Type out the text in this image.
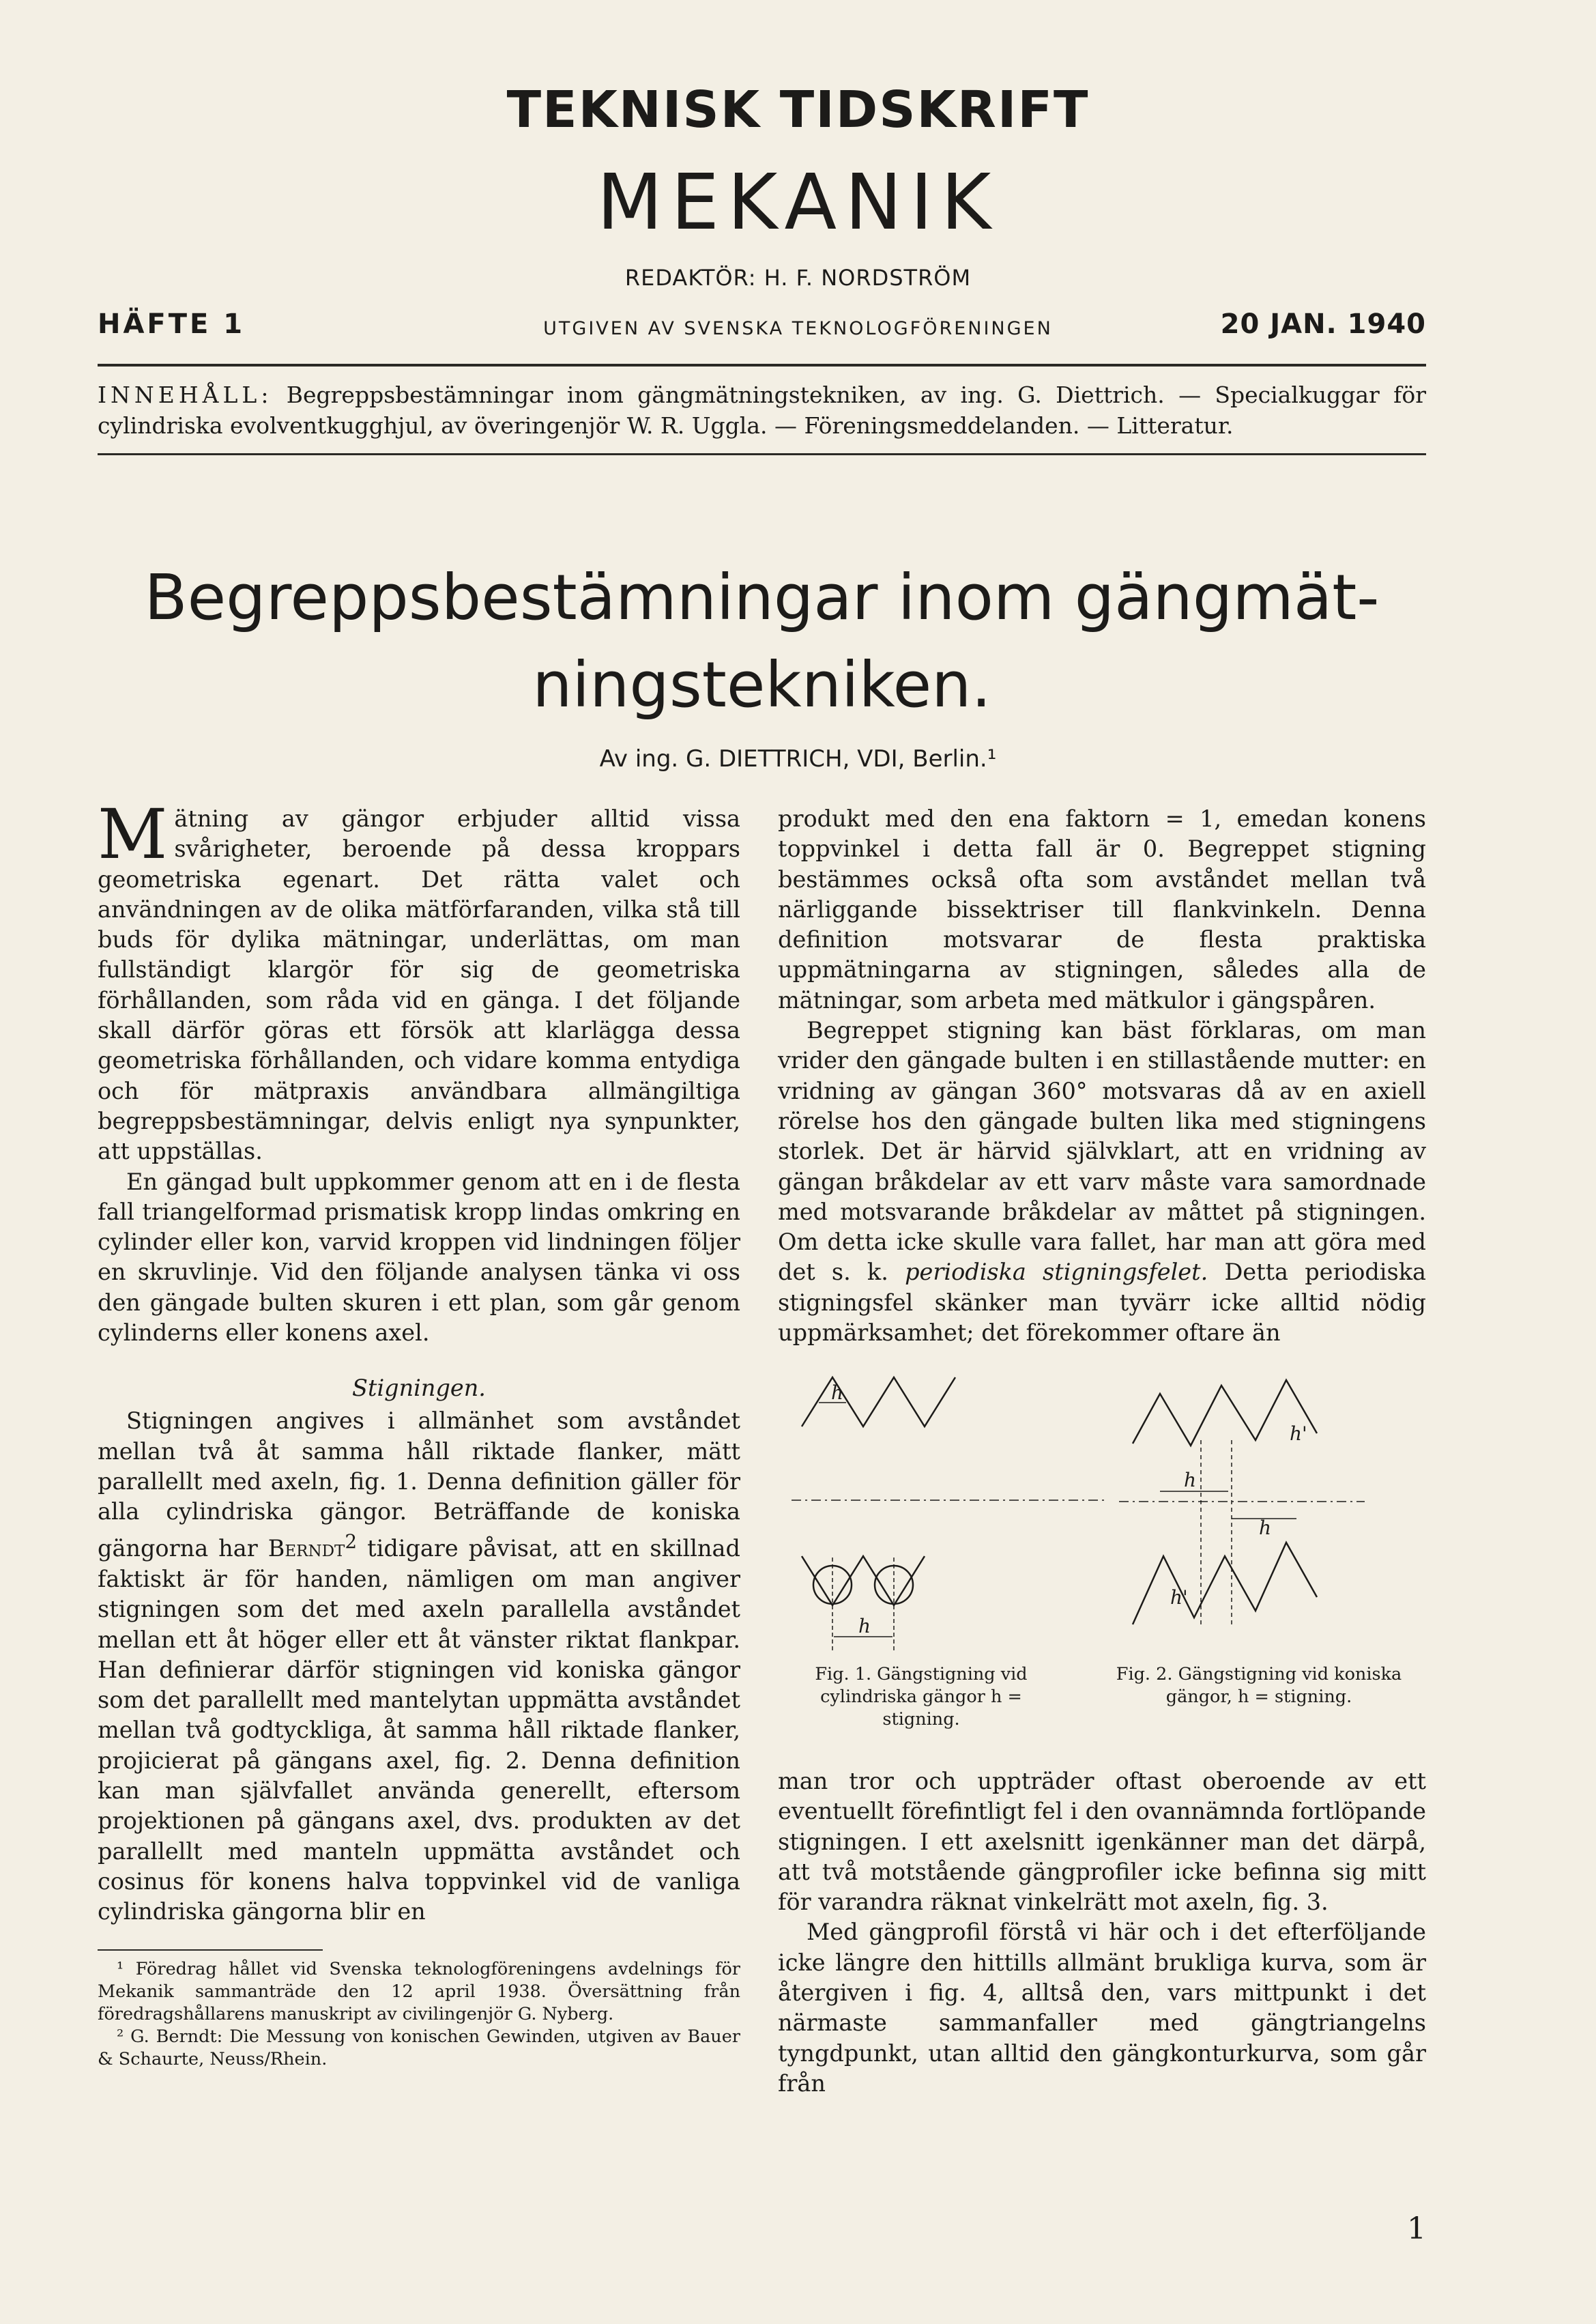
TEKNISK TIDSKRIFT
MEKANIK
REDAKTÖR: H. F. NORDSTRÖM
HÄFTE 1	UTGIVEN AV SVENSKA TEKNOLOGFÖRENINGEN	20 JAN. 1940
INNEHÅLL: Begreppsbestämningar inom gängmätningstekniken, av ing. G. Diettrich. — Specialkuggar för
cylindriska evolventkugghjul, av överingenjör W. R. Uggla. — Föreningsmeddelanden. — Litteratur.
Begreppsbestämningar inom gängmät-ningstekniken.
Av ing. G. DIETTRICH, VDI, Berlin.¹

Mätning av gängor erbjuder alltid vissa svårigheter, beroende på dessa kroppars geometriska egenart. Det rätta valet och användningen av de olika mätförfaranden, vilka stå till buds för dylika mätningar, underlättas, om man fullständigt klargör för sig de geometriska förhållanden, som råda vid en gänga. I det följande skall därför göras ett försök att klarlägga dessa geometriska förhållanden, och vidare komma entydiga och för mätpraxis användbara allmängiltiga begreppsbestämningar, delvis enligt nya synpunkter, att uppställas.

En gängad bult uppkommer genom att en i de flesta fall triangelformad prismatisk kropp lindas omkring en cylinder eller kon, varvid kroppen vid lindningen följer en skruvlinje. Vid den följande analysen tänka vi oss den gängade bulten skuren i ett plan, som går genom cylinderns eller konens axel.

Stigningen.

Stigningen angives i allmänhet som avståndet mellan två åt samma håll riktade flanker, mätt parallellt med axeln, fig. 1. Denna definition gäller för alla cylindriska gängor. Beträffande de koniska gängorna har Berndt$^2$ tidigare påvisat, att en skillnad faktiskt är för handen, nämligen om man angiver stigningen som det med axeln parallella avståndet mellan ett åt höger eller ett åt vänster riktat flankpar. Han definierar därför stigningen vid koniska gängor som det parallellt med mantelytan uppmätta avståndet mellan två godtyckliga, åt samma håll riktade flanker, projicierat på gängans axel, fig. 2. Denna definition kan man självfallet använda generellt, eftersom projektionen på gängans axel, dvs. produkten av det parallellt med manteln uppmätta avståndet och cosinus för konens halva toppvinkel vid de vanliga cylindriska gängorna blir en

¹ Föredrag hållet vid Svenska teknologföreningens avdelnings för Mekanik sammanträde den 12 april 1938. Översättning från föredragshållarens manuskript av civilingenjör G. Nyberg.

² G. Berndt: Die Messung von konischen Gewinden, utgiven av Bauer & Schaurte, Neuss/Rhein.

produkt med den ena faktorn = 1, emedan konens toppvinkel i detta fall är 0. Begreppet stigning bestämmes också ofta som avståndet mellan två närliggande bissektriser till flankvinkeln. Denna definition motsvarar de flesta praktiska uppmätningarna av stigningen, således alla de mätningar, som arbeta med mätkulor i gängspåren.

Begreppet stigning kan bäst förklaras, om man vrider den gängade bulten i en stillastående mutter: en vridning av gängan 360° motsvaras då av en axiell rörelse hos den gängade bulten lika med stigningens storlek. Det är härvid självklart, att en vridning av gängan bråkdelar av ett varv måste vara samordnade med motsvarande bråkdelar av måttet på stigningen. Om detta icke skulle vara fallet, har man att göra med det s. k. periodiska stigningsfelet. Detta periodiska stigningsfel skänker man tyvärr icke alltid nödig uppmärksamhet; det förekommer oftare än

h
h
h
h
h'
h'
Fig. 1. Gängstigning vid cylindriska gängor h = stigning.
Fig. 2. Gängstigning vid koniska gängor, h = stigning.

man tror och uppträder oftast oberoende av ett eventuellt förefintligt fel i den ovannämnda fortlöpande stigningen. I ett axelsnitt igenkänner man det därpå, att två motstående gängprofiler icke befinna sig mitt för varandra räknat vinkelrätt mot axeln, fig. 3.

Med gängprofil förstå vi här och i det efterföljande icke längre den hittills allmänt brukliga kurva, som är återgiven i fig. 4, alltså den, vars mittpunkt i det närmaste sammanfaller med gängtriangelns tyngdpunkt, utan alltid den gängkonturkurva, som går från

1
